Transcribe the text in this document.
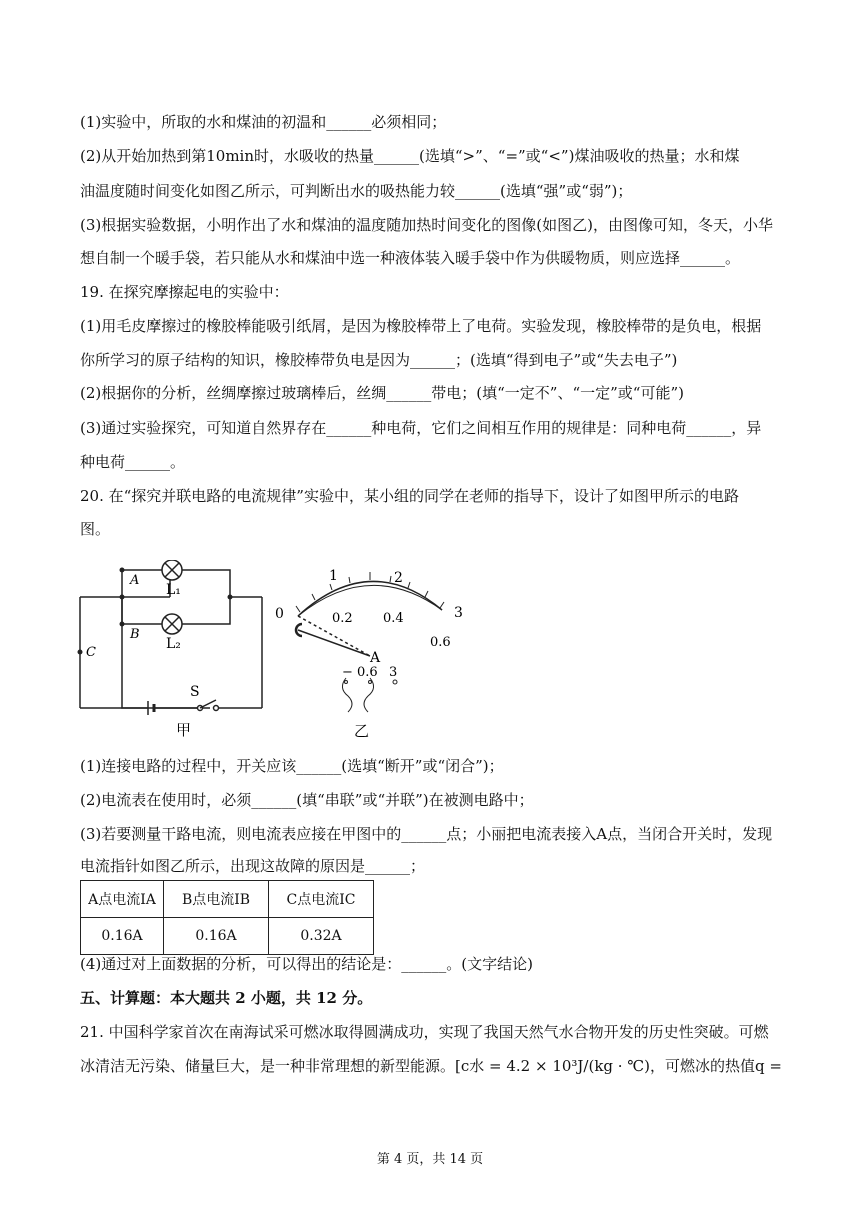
(1)实验中，所取的水和煤油的初温和______必须相同；
(2)从开始加热到第10min时，水吸收的热量______(选填“>”、“=”或“<”)煤油吸收的热量；水和煤
油温度随时间变化如图乙所示，可判断出水的吸热能力较______(选填“强”或“弱”)；
(3)根据实验数据，小明作出了水和煤油的温度随加热时间变化的图像(如图乙)，由图像可知，冬天，小华
想自制一个暖手袋，若只能从水和煤油中选一种液体装入暖手袋中作为供暖物质，则应选择______。
19. 在探究摩擦起电的实验中：
(1)用毛皮摩擦过的橡胶棒能吸引纸屑，是因为橡胶棒带上了电荷。实验发现，橡胶棒带的是负电，根据
你所学习的原子结构的知识，橡胶棒带负电是因为______；(选填“得到电子”或“失去电子”)
(2)根据你的分析，丝绸摩擦过玻璃棒后，丝绸______带电；(填“一定不”、“一定”或“可能”)
(3)通过实验探究，可知道自然界存在______种电荷，它们之间相互作用的规律是：同种电荷______，异
种电荷______。
20. 在“探究并联电路的电流规律”实验中，某小组的同学在老师的指导下，设计了如图甲所示的电路
图。
(1)连接电路的过程中，开关应该______(选填“断开”或“闭合”)；
(2)电流表在使用时，必须______(填“串联”或“并联”)在被测电路中；
(3)若要测量干路电流，则电流表应接在甲图中的______点；小丽把电流表接入A点，当闭合开关时，发现
电流指针如图乙所示，出现这故障的原因是______；
(4)通过对上面数据的分析，可以得出的结论是：______。(文字结论)
五、计算题：本大题共 2 小题，共 12 分。
21. 中国科学家首次在南海试采可燃冰取得圆满成功，实现了我国天然气水合物开发的历史性突破。可燃
冰清洁无污染、储量巨大，是一种非常理想的新型能源。[c水 = 4.2 × 10³J/(kg · ℃)，可燃冰的热值q =
A
B
C
L₁
L₂
S
甲
0
1	2
3
0.2 0.4
0.6
A
− 0.6 3
乙
A点电流IA	B点电流IB	C点电流IC
0.16A	0.16A	0.32A
第 4 页，共 14 页
